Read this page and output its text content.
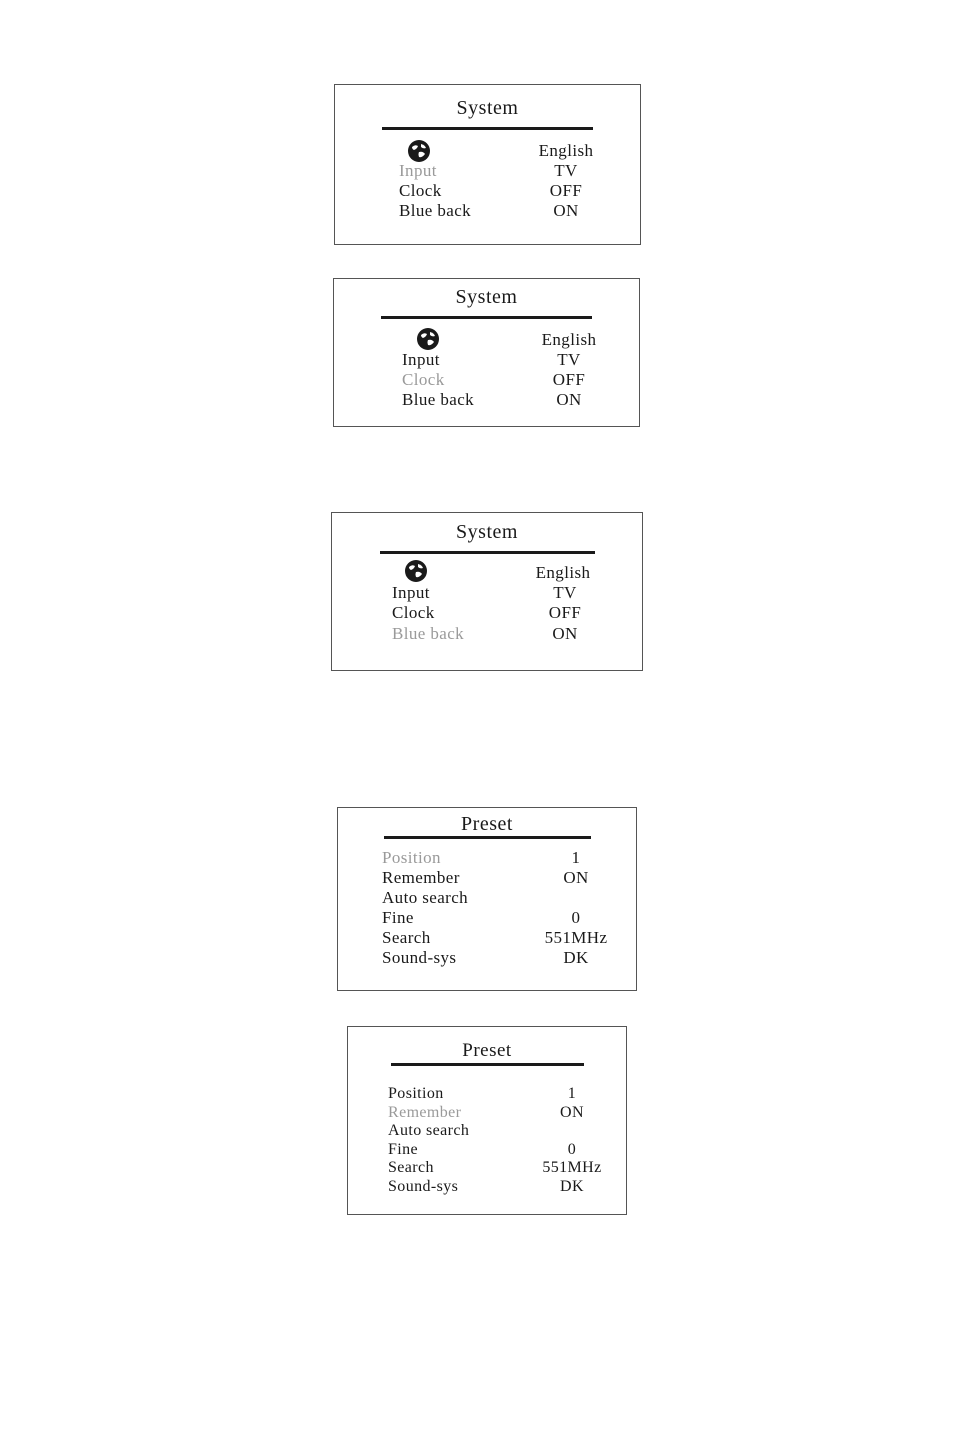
System
English
Input	TV
Clock	OFF
Blue back	ON
System
English
Input	TV
Clock	OFF
Blue back	ON
System
English
Input	TV
Clock	OFF
Blue back	ON
Preset
Position	1
Remember	ON
Auto search
Fine	0
Search	551MHz
Sound-sys	DK
Preset
Position	1
Remember	ON
Auto search
Fine	0
Search	551MHz
Sound-sys	DK
